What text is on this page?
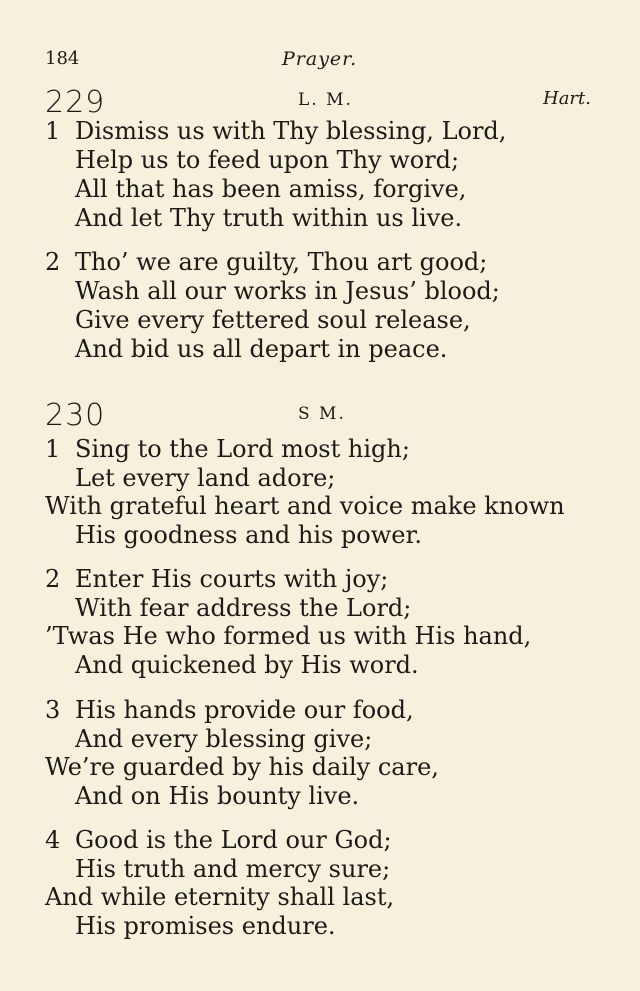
184	Prayer.
229	L. M.	Hart.
1 Dismiss us with Thy blessing, Lord,
Help us to feed upon Thy word;
All that has been amiss, forgive,
And let Thy truth within us live.
2 Tho’ we are guilty, Thou art good;
Wash all our works in Jesus’ blood;
Give every fettered soul release,
And bid us all depart in peace.
230	S M.
1 Sing to the Lord most high;
Let every land adore;
With grateful heart and voice make known
His goodness and his power.
2 Enter His courts with joy;
With fear address the Lord;
’Twas He who formed us with His hand,
And quickened by His word.
3 His hands provide our food,
And every blessing give;
We’re guarded by his daily care,
And on His bounty live.
4 Good is the Lord our God;
His truth and mercy sure;
And while eternity shall last,
His promises endure.
